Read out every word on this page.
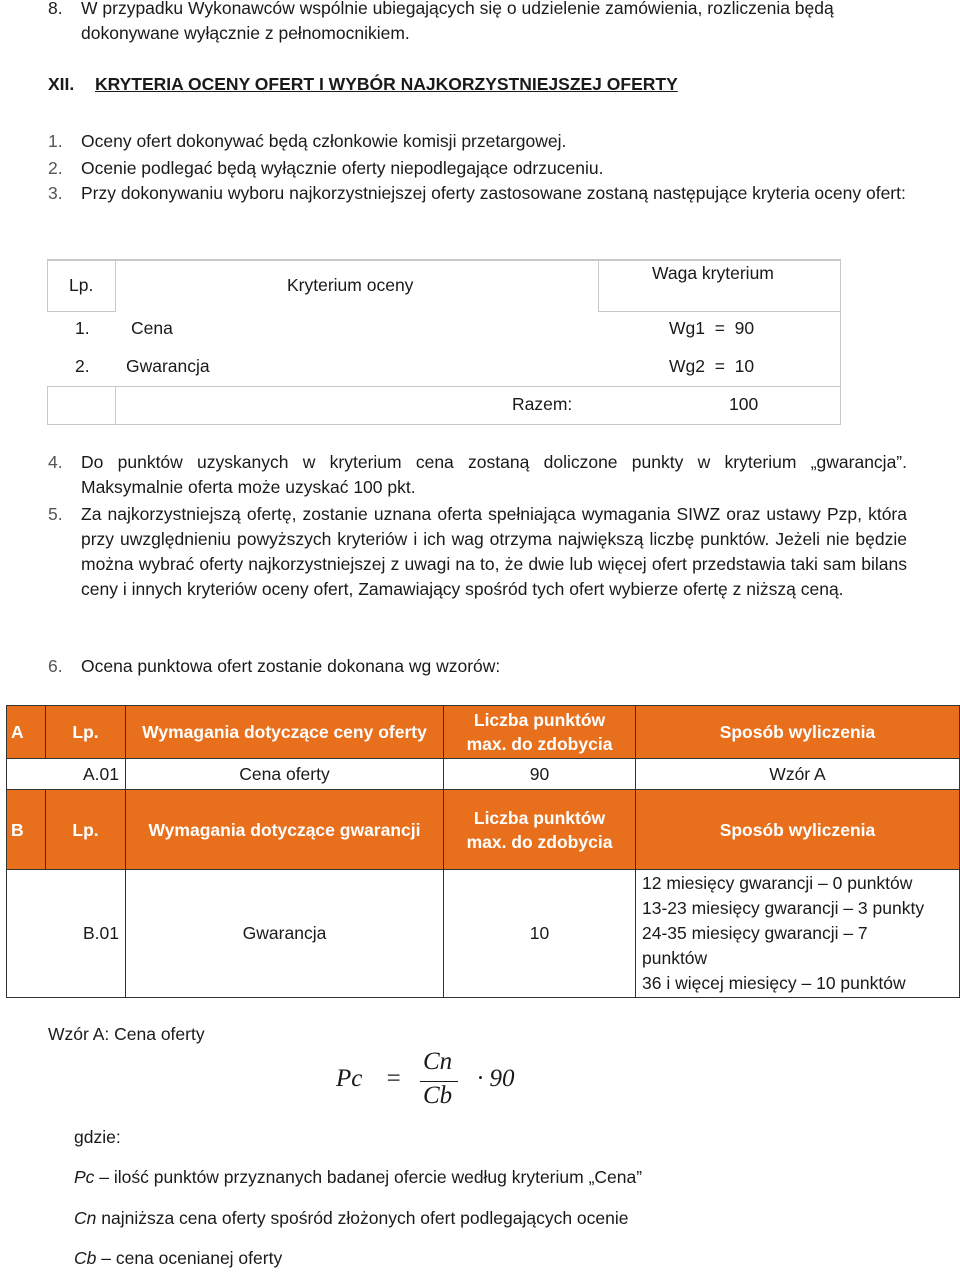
8. W przypadku Wykonawców wspólnie ubiegających się o udzielenie zamówienia, rozliczenia będą
dokonywane wyłącznie z pełnomocnikiem.
XII. KRYTERIA OCENY OFERT I WYBÓR NAJKORZYSTNIEJSZEJ OFERTY
1. Oceny ofert dokonywać będą członkowie komisji przetargowej.
2. Ocenie podlegać będą wyłącznie oferty niepodlegające odrzuceniu.
3. Przy dokonywaniu wyboru najkorzystniejszej oferty zastosowane zostaną następujące kryteria oceny ofert:
Lp.	Kryterium oceny
Waga kryterium
1. Cena	Wg1  =  90
2. Gwarancja	Wg2  =  10
Razem:	100
4. Do punktów uzyskanych w kryterium cena zostaną doliczone punkty w kryterium „gwarancja”. Maksymalnie oferta może uzyskać 100 pkt.
5. Za najkorzystniejszą ofertę, zostanie uznana oferta spełniająca wymagania SIWZ oraz ustawy Pzp, która przy uwzględnieniu powyższych kryteriów i ich wag otrzyma największą liczbę punktów. Jeżeli nie będzie można wybrać oferty najkorzystniejszej z uwagi na to, że dwie lub więcej ofert przedstawia taki sam bilans ceny i innych kryteriów oceny ofert, Zamawiający spośród tych ofert wybierze ofertę z niższą ceną.
6. Ocena punktowa ofert zostanie dokonana wg wzorów:
A	Lp.	Wymagania dotyczące ceny oferty	Liczba punktów
max. do zdobycia	Sposób wyliczenia
A.01		Cena oferty	90	Wzór A
B	Lp.	Wymagania dotyczące gwarancji	Liczba punktów
max. do zdobycia	Sposób wyliczenia
B.01		Gwarancja	10	12 miesięcy gwarancji – 0 punktów
13-23 miesięcy gwarancji – 3 punkty
24-35 miesięcy gwarancji – 7
punktów
36 i więcej miesięcy – 10 punktów
Wzór A: Cena oferty
Pc =
Cn
Cb
· 90
gdzie:
Pc – ilość punktów przyznanych badanej ofercie według kryterium „Cena”
Cn najniższa cena oferty spośród złożonych ofert podlegających ocenie
Cb – cena ocenianej oferty
